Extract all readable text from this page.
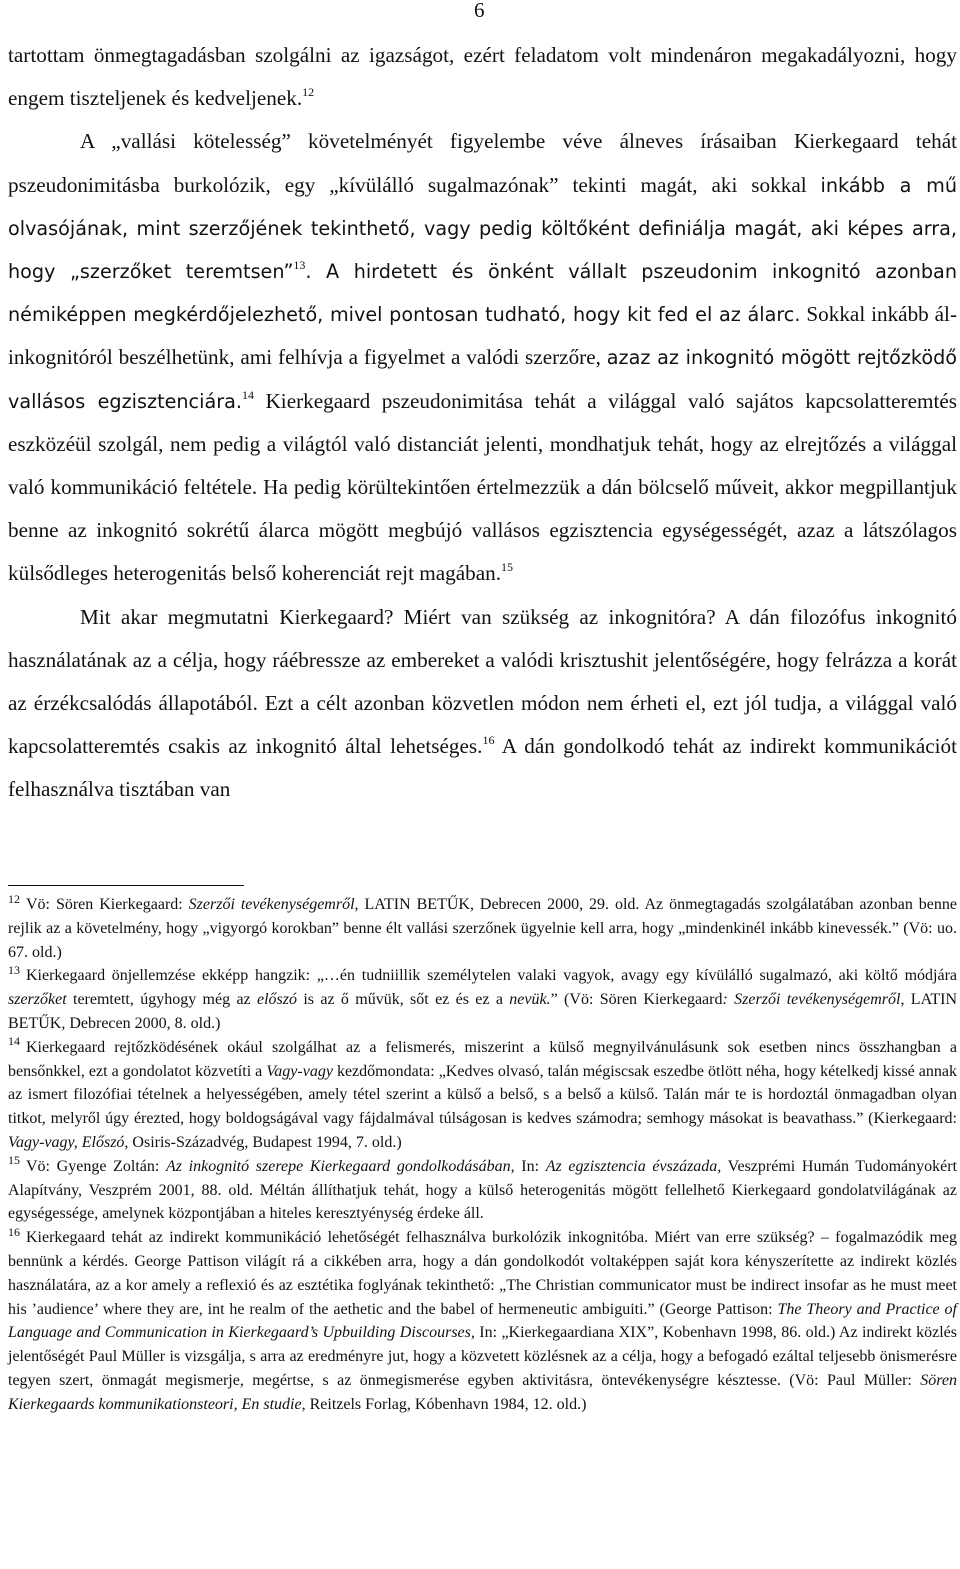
6

tartottam önmegtagadásban szolgálni az igazságot, ezért feladatom volt mindenáron megakadályozni, hogy engem tiszteljenek és kedveljenek.$^{12}$

A „vallási kötelesség” követelményét figyelembe véve álneves írásaiban Kierkegaard tehát pszeudonimitásba burkolózik, egy „kívülálló sugalmazónak” tekinti magát, aki sokkal inkább a mű olvasójának, mint szerzőjének tekinthető, vagy pedig költőként definiálja magát, aki képes arra, hogy „szerzőket teremtsen”$^{13}$. A hirdetett és önként vállalt pszeudonim inkognitó azonban némiképpen megkérdőjelezhető, mivel pontosan tudható, hogy kit fed el az álarc. Sokkal inkább ál-inkognitóról beszélhetünk, ami felhívja a figyelmet a valódi szerzőre, azaz az inkognitó mögött rejtőzködő vallásos egzisztenciára.$^{14}$ Kierkegaard pszeudonimitása tehát a világgal való sajátos kapcsolatteremtés eszközéül szolgál, nem pedig a világtól való distanciát jelenti, mondhatjuk tehát, hogy az elrejtőzés a világgal való kommunikáció feltétele. Ha pedig körültekintően értelmezzük a dán bölcselő műveit, akkor megpillantjuk benne az inkognitó sokrétű álarca mögött megbújó vallásos egzisztencia egységességét, azaz a látszólagos külsődleges heterogenitás belső koherenciát rejt magában.$^{15}$

Mit akar megmutatni Kierkegaard? Miért van szükség az inkognitóra? A dán filozófus inkognitó használatának az a célja, hogy ráébressze az embereket a valódi krisztushit jelentőségére, hogy felrázza a korát az érzékcsalódás állapotából. Ezt a célt azonban közvetlen módon nem érheti el, ezt jól tudja, a világgal való kapcsolatteremtés csakis az inkognitó által lehetséges.$^{16}$ A dán gondolkodó tehát az indirekt kommunikációt felhasználva tisztában van

$^{12}$ Vö: Sören Kierkegaard: Szerzői tevékenységemről, LATIN BETŰK, Debrecen 2000, 29. old. Az önmegtagadás szolgálatában azonban benne rejlik az a követelmény, hogy „vigyorgó korokban” benne élt vallási szerzőnek ügyelnie kell arra, hogy „mindenkinél inkább kinevessék.” (Vö: uo. 67. old.)

$^{13}$ Kierkegaard önjellemzése ekképp hangzik: „…én tudniillik személytelen valaki vagyok, avagy egy kívülálló sugalmazó, aki költő módjára szerzőket teremtett, úgyhogy még az előszó is az ő művük, sőt ez és ez a nevük.” (Vö: Sören Kierkegaard: Szerzői tevékenységemről, LATIN BETŰK, Debrecen 2000, 8. old.)

$^{14}$ Kierkegaard rejtőzködésének okául szolgálhat az a felismerés, miszerint a külső megnyilvánulásunk sok esetben nincs összhangban a bensőnkkel, ezt a gondolatot közvetíti a Vagy-vagy kezdőmondata: „Kedves olvasó, talán mégiscsak eszedbe ötlött néha, hogy kételkedj kissé annak az ismert filozófiai tételnek a helyességében, amely tétel szerint a külső a belső, s a belső a külső. Talán már te is hordoztál önmagadban olyan titkot, melyről úgy érezted, hogy boldogságával vagy fájdalmával túlságosan is kedves számodra; semhogy másokat is beavathass.” (Kierkegaard: Vagy-vagy, Előszó, Osiris-Századvég, Budapest 1994, 7. old.)

$^{15}$ Vö: Gyenge Zoltán: Az inkognitó szerepe Kierkegaard gondolkodásában, In: Az egzisztencia évszázada, Veszprémi Humán Tudományokért Alapítvány, Veszprém 2001, 88. old. Méltán állíthatjuk tehát, hogy a külső heterogenitás mögött fellelhető Kierkegaard gondolatvilágának az egységessége, amelynek központjában a hiteles keresztyénység érdeke áll.

$^{16}$ Kierkegaard tehát az indirekt kommunikáció lehetőségét felhasználva burkolózik inkognitóba. Miért van erre szükség? – fogalmazódik meg bennünk a kérdés. George Pattison világít rá a cikkében arra, hogy a dán gondolkodót voltaképpen saját kora kényszerítette az indirekt közlés használatára, az a kor amely a reflexió és az esztétika foglyának tekinthető: „The Christian communicator must be indirect insofar as he must meet his ’audience’ where they are, int he realm of the aethetic and the babel of hermeneutic ambiguiti.” (George Pattison: The Theory and Practice of Language and Communication in Kierkegaard’s Upbuilding Discourses, In: „Kierkegaardiana XIX”, Kobenhavn 1998, 86. old.) Az indirekt közlés jelentőségét Paul Müller is vizsgálja, s arra az eredményre jut, hogy a közvetett közlésnek az a célja, hogy a befogadó ezáltal teljesebb önismerésre tegyen szert, önmagát megismerje, megértse, s az önmegismerése egyben aktivitásra, öntevékenységre késztesse. (Vö: Paul Müller: Sören Kierkegaards kommunikationsteori, En studie, Reitzels Forlag, Kóbenhavn 1984, 12. old.)
